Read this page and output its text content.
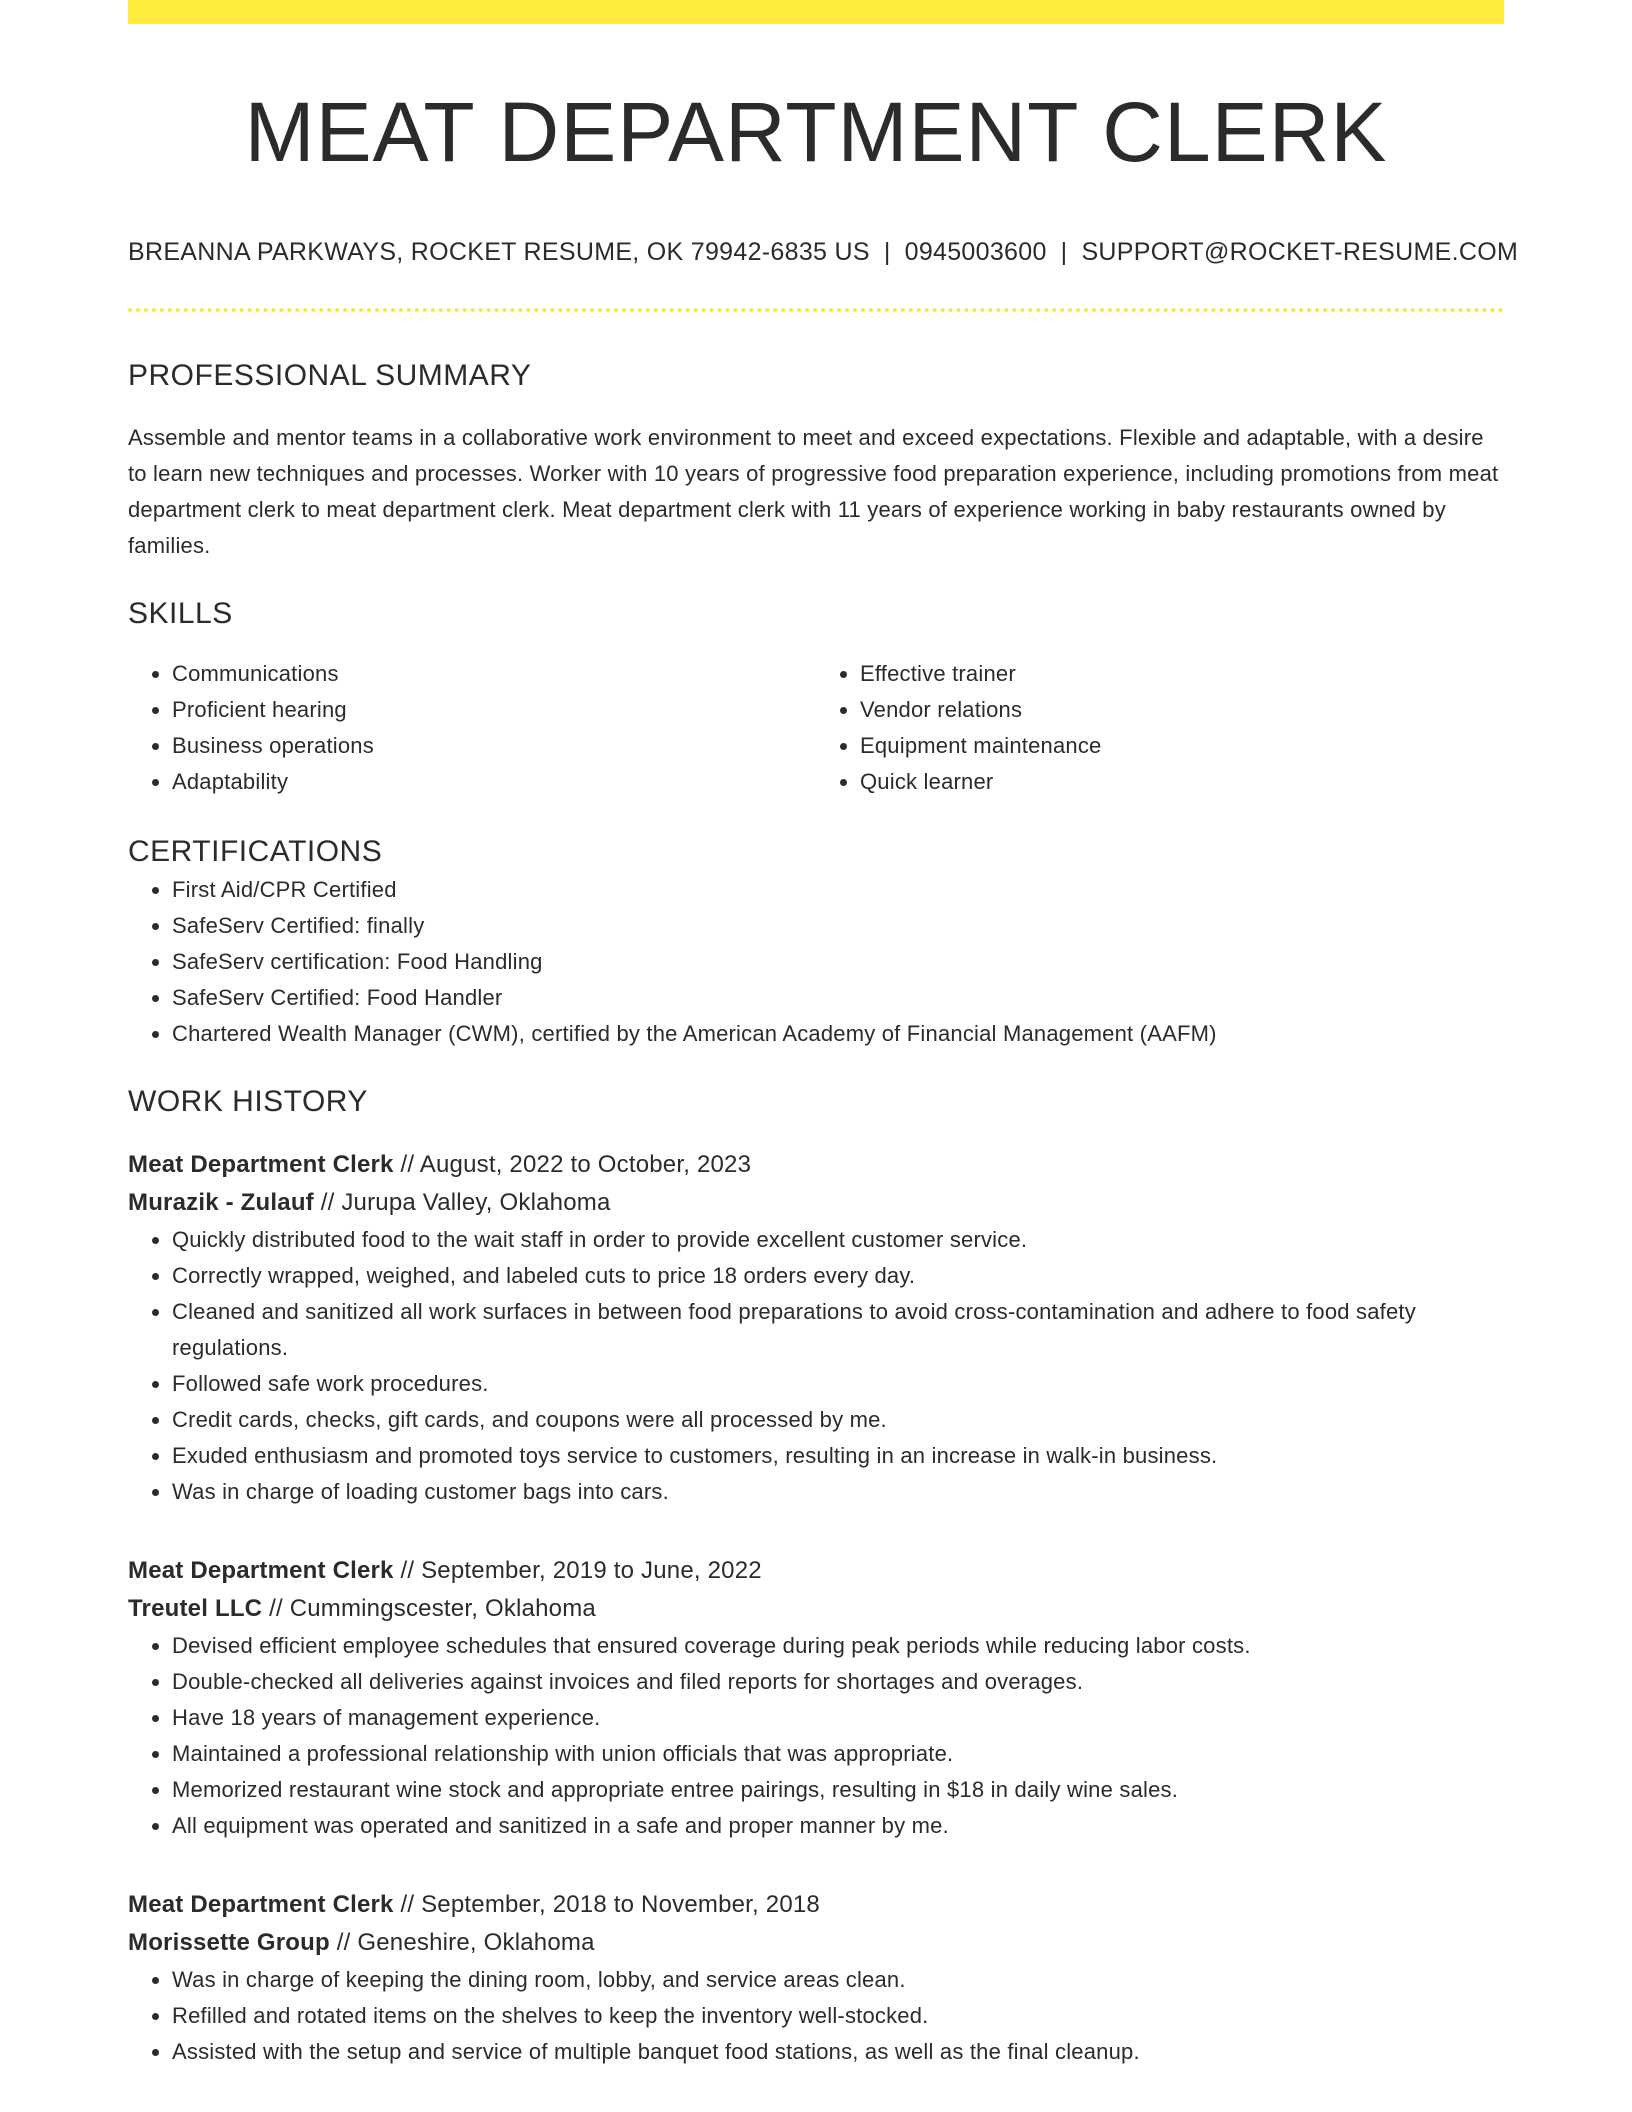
MEAT DEPARTMENT CLERK
BREANNA PARKWAYS, ROCKET RESUME, OK 79942-6835 US | 0945003600 | SUPPORT@ROCKET-RESUME.COM
PROFESSIONAL SUMMARY
Assemble and mentor teams in a collaborative work environment to meet and exceed expectations. Flexible and adaptable, with a desire to learn new techniques and processes. Worker with 10 years of progressive food preparation experience, including promotions from meat department clerk to meat department clerk. Meat department clerk with 11 years of experience working in baby restaurants owned by families.
SKILLS
• Communications
• Proficient hearing
• Business operations
• Adaptability
• Effective trainer
• Vendor relations
• Equipment maintenance
• Quick learner
CERTIFICATIONS
• First Aid/CPR Certified
• SafeServ Certified: finally
• SafeServ certification: Food Handling
• SafeServ Certified: Food Handler
• Chartered Wealth Manager (CWM), certified by the American Academy of Financial Management (AAFM)
WORK HISTORY
Meat Department Clerk // August, 2022 to October, 2023
Murazik - Zulauf // Jurupa Valley, Oklahoma
• Quickly distributed food to the wait staff in order to provide excellent customer service.
• Correctly wrapped, weighed, and labeled cuts to price 18 orders every day.
• Cleaned and sanitized all work surfaces in between food preparations to avoid cross-contamination and adhere to food safety regulations.
• Followed safe work procedures.
• Credit cards, checks, gift cards, and coupons were all processed by me.
• Exuded enthusiasm and promoted toys service to customers, resulting in an increase in walk-in business.
• Was in charge of loading customer bags into cars.
Meat Department Clerk // September, 2019 to June, 2022
Treutel LLC // Cummingscester, Oklahoma
• Devised efficient employee schedules that ensured coverage during peak periods while reducing labor costs.
• Double-checked all deliveries against invoices and filed reports for shortages and overages.
• Have 18 years of management experience.
• Maintained a professional relationship with union officials that was appropriate.
• Memorized restaurant wine stock and appropriate entree pairings, resulting in $18 in daily wine sales.
• All equipment was operated and sanitized in a safe and proper manner by me.
Meat Department Clerk // September, 2018 to November, 2018
Morissette Group // Geneshire, Oklahoma
• Was in charge of keeping the dining room, lobby, and service areas clean.
• Refilled and rotated items on the shelves to keep the inventory well-stocked.
• Assisted with the setup and service of multiple banquet food stations, as well as the final cleanup.
